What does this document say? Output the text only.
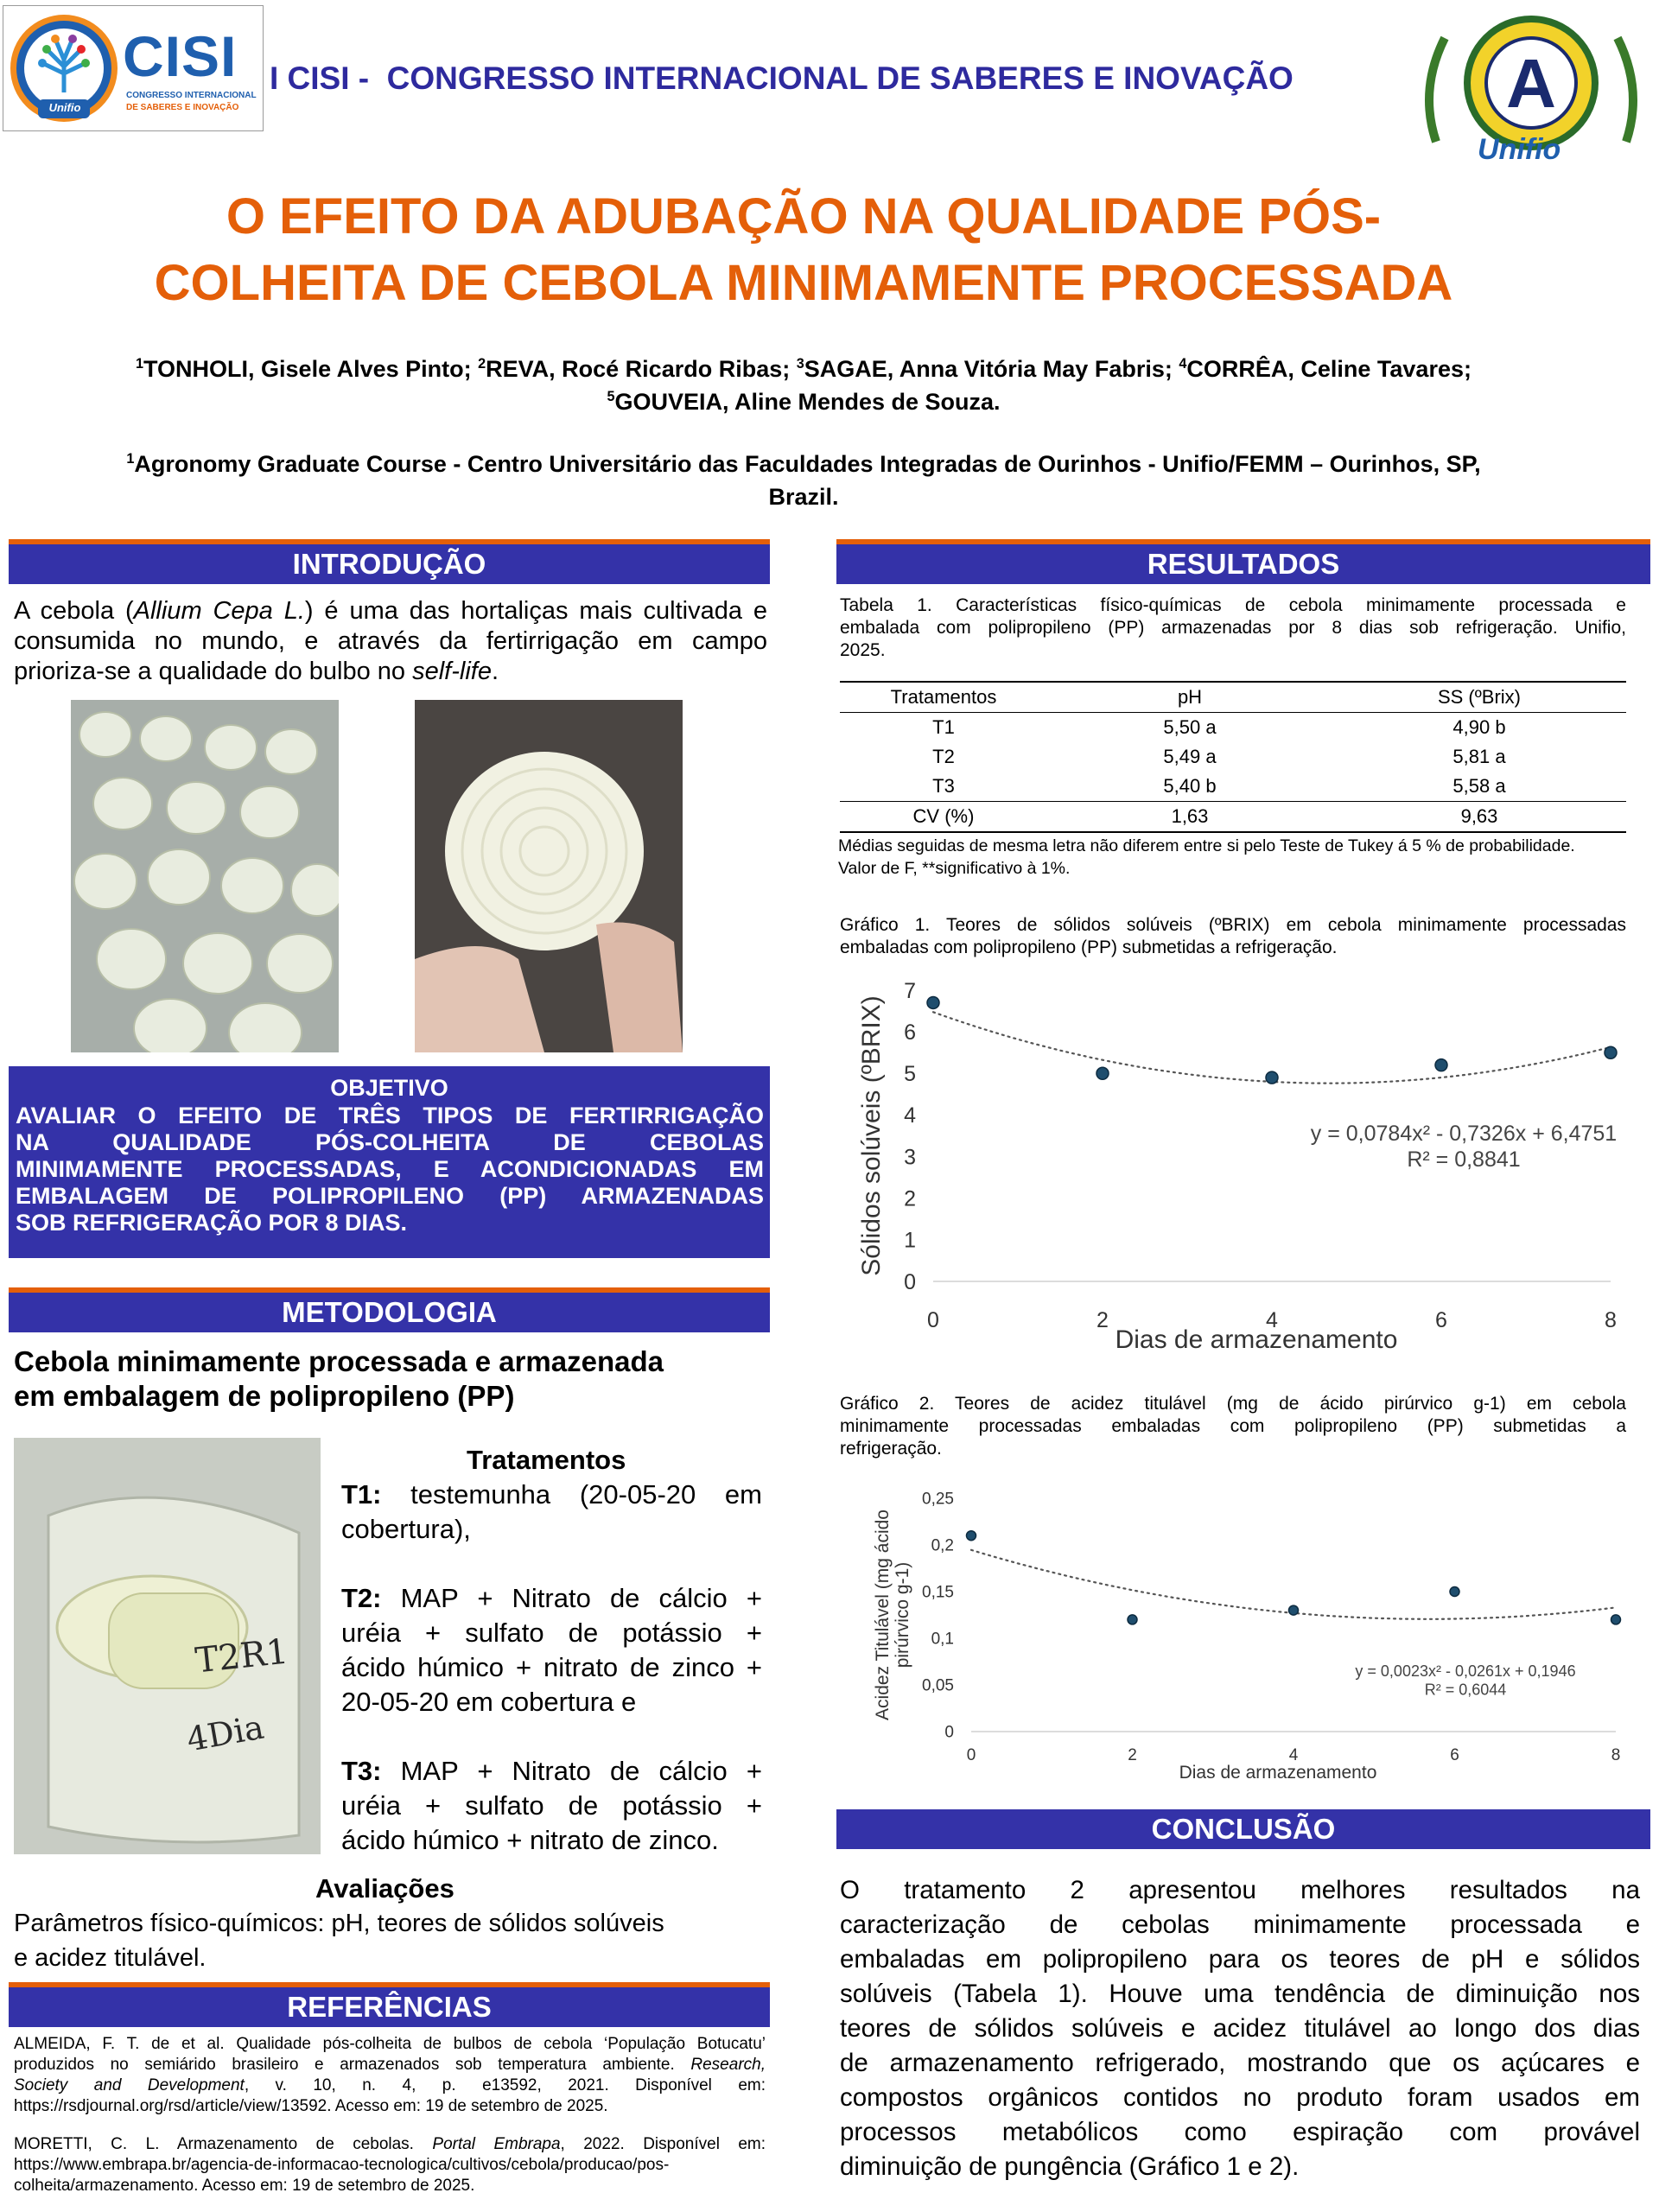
Unifio
CISI
CONGRESSO INTERNACIONAL
DE SABERES E INOVAÇÃO
I CISI -  CONGRESSO INTERNACIONAL DE SABERES E INOVAÇÃO	A
Unifio
O EFEITO DA ADUBAÇÃO NA QUALIDADE PÓS-
COLHEITA DE CEBOLA MINIMAMENTE PROCESSADA
$^1$TONHOLI, Gisele Alves Pinto; $^2$REVA, Rocé Ricardo Ribas; $^3$SAGAE, Anna Vitória May Fabris; $^4$CORRÊA, Celine Tavares;
$^5$GOUVEIA, Aline Mendes de Souza.
$^1$Agronomy Graduate Course - Centro Universitário das Faculdades Integradas de Ourinhos - Unifio/FEMM – Ourinhos, SP,
Brazil.
INTRODUÇÃO
A cebola (Allium Cepa L.) é uma das hortaliças mais cultivada e
consumida no mundo, e através da fertirrigação em campo
prioriza-se a qualidade do bulbo no self-life.
OBJETIVO
AVALIAR O EFEITO DE TRÊS TIPOS DE FERTIRRIGAÇÃO
NA QUALIDADE PÓS-COLHEITA DE CEBOLAS
MINIMAMENTE PROCESSADAS, E ACONDICIONADAS EM
EMBALAGEM DE POLIPROPILENO (PP) ARMAZENADAS
SOB REFRIGERAÇÃO POR 8 DIAS.
METODOLOGIA
Cebola minimamente processada e armazenada
em embalagem de polipropileno (PP)
T2R1
4Dia
Tratamentos
T1: testemunha (20-05-20 em
cobertura),
T2: MAP + Nitrato de cálcio +
uréia + sulfato de potássio +
ácido húmico + nitrato de zinco +
20-05-20 em cobertura e
T3: MAP + Nitrato de cálcio +
uréia + sulfato de potássio +
ácido húmico + nitrato de zinco.
Avaliações
Parâmetros físico-químicos: pH, teores de sólidos solúveis
e acidez titulável.
REFERÊNCIAS
ALMEIDA, F. T. de et al. Qualidade pós-colheita de bulbos de cebola ‘População Botucatu’
produzidos no semiárido brasileiro e armazenados sob temperatura ambiente. Research,
Society and Development, v. 10, n. 4, p. e13592, 2021. Disponível em:
https://rsdjournal.org/rsd/article/view/13592. Acesso em: 19 de setembro de 2025.
MORETTI, C. L. Armazenamento de cebolas. Portal Embrapa, 2022. Disponível em:
https://www.embrapa.br/agencia-de-informacao-tecnologica/cultivos/cebola/producao/pos-
colheita/armazenamento. Acesso em: 19 de setembro de 2025.
RESULTADOS
Tabela 1. Características físico-químicas de cebola minimamente processada e
embalada com polipropileno (PP) armazenadas por 8 dias sob refrigeração. Unifio,
2025.
Tratamentos	pH	SS (ºBrix)
T1	5,50 a	4,90 b
T2	5,49 a	5,81 a
T3	5,40 b	5,58 a
CV (%)	1,63	9,63
Médias seguidas de mesma letra não diferem entre si pelo Teste de Tukey á 5 % de probabilidade.
Valor de F, **significativo à 1%.
Gráfico 1. Teores de sólidos solúveis (ºBRIX) em cebola minimamente processadas
embaladas com polipropileno (PP) submetidas a refrigeração.
0
1
2
3
4
5
6
7
0	2	4	6	8
Dias de armazenamento
Sólidos solúveis (ºBRIX)	y = 0,0784x² - 0,7326x + 6,4751
R² = 0,8841
Gráfico 2. Teores de acidez titulável (mg de ácido pirúrvico g-1) em cebola
minimamente processadas embaladas com polipropileno (PP) submetidas a
refrigeração.
0
0,05
0,1
0,15
0,2
0,25
0	2	4	6	8
Dias de armazenamento
Acidez Titulável (mg ácido pirúrvico g-1)
y = 0,0023x² - 0,0261x + 0,1946
R² = 0,6044
CONCLUSÃO
O tratamento 2 apresentou melhores resultados na
caracterização de cebolas minimamente processada e
embaladas em polipropileno para os teores de pH e sólidos
solúveis (Tabela 1). Houve uma tendência de diminuição nos
teores de sólidos solúveis e acidez titulável ao longo dos dias
de armazenamento refrigerado, mostrando que os açúcares e
compostos orgânicos contidos no produto foram usados em
processos metabólicos como espiração com provável
diminuição de pungência (Gráfico 1 e 2).
